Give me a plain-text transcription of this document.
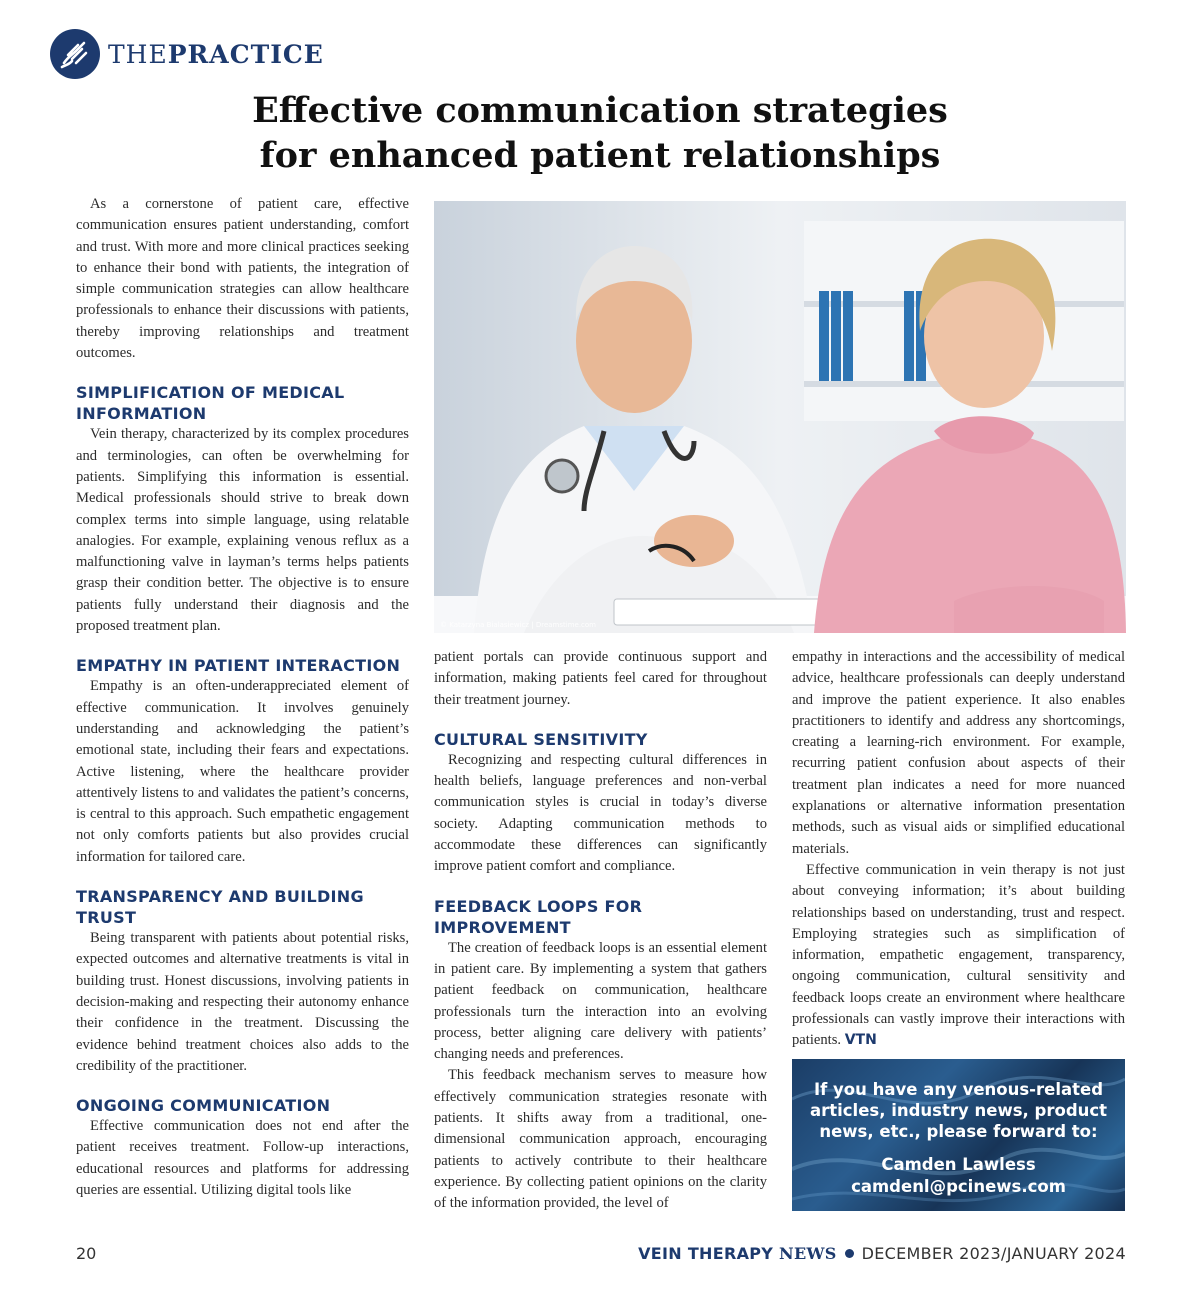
THEPRACTICE
Effective communication strategies
for enhanced patient relationships

As a cornerstone of patient care, effective communication ensures patient understanding, comfort and trust. With more and more clinical practices seeking to enhance their bond with patients, the integration of simple communication strategies can allow healthcare professionals to enhance their discussions with patients, thereby improving relationships and treatment outcomes.

SIMPLIFICATION OF MEDICAL INFORMATION

Vein therapy, characterized by its complex procedures and terminologies, can often be overwhelming for patients. Simplifying this information is essential. Medical professionals should strive to break down complex terms into simple language, using relatable analogies. For example, explaining venous reflux as a malfunctioning valve in layman’s terms helps patients grasp their condition better. The objective is to ensure patients fully understand their diagnosis and the proposed treatment plan.

EMPATHY IN PATIENT INTERACTION

Empathy is an often-underappreciated element of effective communication. It involves genuinely understanding and acknowledging the patient’s emotional state, including their fears and expectations. Active listening, where the healthcare provider attentively listens to and validates the patient’s concerns, is central to this approach. Such empathetic engagement not only comforts patients but also provides crucial information for tailored care.

TRANSPARENCY AND BUILDING TRUST

Being transparent with patients about potential risks, expected outcomes and alternative treatments is vital in building trust. Honest discussions, involving patients in decision-making and respecting their autonomy enhance their confidence in the treatment. Discussing the evidence behind treatment choices also adds to the credibility of the practitioner.

ONGOING COMMUNICATION

Effective communication does not end after the patient receives treatment. Follow-up interactions, educational resources and platforms for addressing queries are essential. Utilizing digital tools like

© Katarzyna Bialasiewicz | Dreamstime.com

patient portals can provide continuous support and information, making patients feel cared for throughout their treatment journey.

CULTURAL SENSITIVITY

Recognizing and respecting cultural differences in health beliefs, language preferences and non-verbal communication styles is crucial in today’s diverse society. Adapting communication methods to accommodate these differences can significantly improve patient comfort and compliance.

FEEDBACK LOOPS FOR IMPROVEMENT

The creation of feedback loops is an essential element in patient care. By implementing a system that gathers patient feedback on communication, healthcare professionals turn the interaction into an evolving process, better aligning care delivery with patients’ changing needs and preferences.

This feedback mechanism serves to measure how effectively communication strategies resonate with patients. It shifts away from a traditional, one-dimensional communication approach, encouraging patients to actively contribute to their healthcare experience. By collecting patient opinions on the clarity of the information provided, the level of

empathy in interactions and the accessibility of medical advice, healthcare professionals can deeply understand and improve the patient experience. It also enables practitioners to identify and address any shortcomings, creating a learning-rich environment. For example, recurring patient confusion about aspects of their treatment plan indicates a need for more nuanced explanations or alternative information presentation methods, such as visual aids or simplified educational materials.

Effective communication in vein therapy is not just about conveying information; it’s about building relationships based on understanding, trust and respect. Employing strategies such as simplification of information, empathetic engagement, transparency, ongoing communication, cultural sensitivity and feedback loops create an environment where healthcare professionals can vastly improve their interactions with patients. VTN

If you have any venous-related
articles, industry news, product
news, etc., please forward to:
Camden Lawless
camdenl@pcinews.com
20	VEIN THERAPY NEWS DECEMBER 2023/JANUARY 2024
